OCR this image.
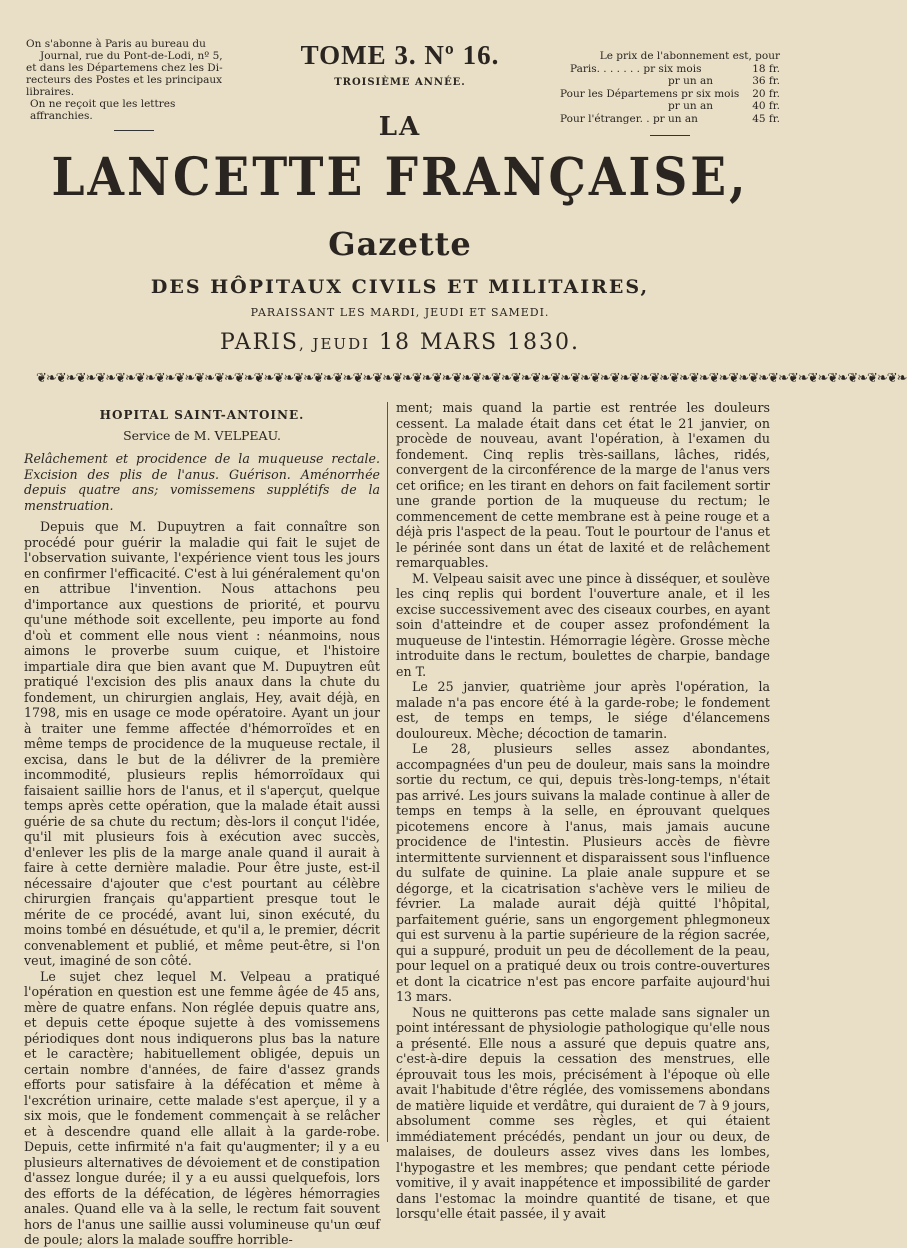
On s'abonne à Paris au bureau du

Journal, rue du Pont-de-Lodi, nº 5,

et dans les Départemens chez les Di-

recteurs des Postes et les principaux

libraires.

On ne reçoit que les lettres affranchies.

TOME 3. Nº 16.
TROISIÈME ANNÉE.
Le prix de l'abonnement est, pour
Paris. . . . . . . pr six mois	18 fr.
pr un an	36 fr.
Pour les Départemens pr six mois 20 fr.
pr un an	40 fr.
Pour l'étranger. . pr un an	45 fr.
LA
LANCETTE FRANÇAISE,
Gazette
DES HÔPITAUX CIVILS ET MILITAIRES,
PARAISSANT LES MARDI, JEUDI ET SAMEDI.
PARIS, JEUDI 18 MARS 1830.
❦❧❦❧❦❧❦❧❦❧❦❧❦❧❦❧❦❧❦❧❦❧❦❧❦❧❦❧❦❧❦❧❦❧❦❧❦❧❦❧❦❧❦❧❦❧❦❧❦❧❦❧❦❧❦❧❦❧❦❧❦❧❦❧❦❧❦❧❦❧❦❧❦❧❦❧❦❧❦❧❦❧❦❧❦❧❦❧
HOPITAL SAINT-ANTOINE.
Service de M. VELPEAU.

Relâchement et procidence de la muqueuse rectale. Excision des plis de l'anus. Guérison. Aménorrhée depuis quatre ans; vomissemens supplétifs de la menstruation.

Depuis que M. Dupuytren a fait connaître son procédé pour guérir la maladie qui fait le sujet de l'observation suivante, l'expérience vient tous les jours en confirmer l'efficacité. C'est à lui généralement qu'on en attribue l'invention. Nous attachons peu d'importance aux questions de priorité, et pourvu qu'une méthode soit excellente, peu importe au fond d'où et comment elle nous vient : néanmoins, nous aimons le proverbe suum cuique, et l'histoire impartiale dira que bien avant que M. Dupuytren eût pratiqué l'excision des plis anaux dans la chute du fondement, un chirurgien anglais, Hey, avait déjà, en 1798, mis en usage ce mode opératoire. Ayant un jour à traiter une femme affectée d'hémorroïdes et en même temps de procidence de la muqueuse rectale, il excisa, dans le but de la délivrer de la première incommodité, plusieurs replis hémorroïdaux qui faisaient saillie hors de l'anus, et il s'aperçut, quelque temps après cette opération, que la malade était aussi guérie de sa chute du rectum; dès-lors il conçut l'idée, qu'il mit plusieurs fois à exécution avec succès, d'enlever les plis de la marge anale quand il aurait à faire à cette dernière maladie. Pour être juste, est-il nécessaire d'ajouter que c'est pourtant au célèbre chirurgien français qu'appartient presque tout le mérite de ce procédé, avant lui, sinon exécuté, du moins tombé en désuétude, et qu'il a, le premier, décrit convenablement et publié, et même peut-être, si l'on veut, imaginé de son côté.

Le sujet chez lequel M. Velpeau a pratiqué l'opération en question est une femme âgée de 45 ans, mère de quatre enfans. Non réglée depuis quatre ans, et depuis cette époque sujette à des vomissemens périodiques dont nous indiquerons plus bas la nature et le caractère; habituellement obligée, depuis un certain nombre d'années, de faire d'assez grands efforts pour satisfaire à la défécation et même à l'excrétion urinaire, cette malade s'est aperçue, il y a six mois, que le fondement commençait à se relâcher et à descendre quand elle allait à la garde-robe. Depuis, cette infirmité n'a fait qu'augmenter; il y a eu plusieurs alternatives de dévoiement et de constipation d'assez longue durée; il y a eu aussi quelquefois, lors des efforts de la défécation, de légères hémorragies anales. Quand elle va à la selle, le rectum fait souvent hors de l'anus une saillie aussi volumineuse qu'un œuf de poule; alors la malade souffre horrible-

ment; mais quand la partie est rentrée les douleurs cessent. La malade était dans cet état le 21 janvier, on procède de nouveau, avant l'opération, à l'examen du fondement. Cinq replis très-saillans, lâches, ridés, convergent de la circonférence de la marge de l'anus vers cet orifice; en les tirant en dehors on fait facilement sortir une grande portion de la muqueuse du rectum; le commencement de cette membrane est à peine rouge et a déjà pris l'aspect de la peau. Tout le pourtour de l'anus et le périnée sont dans un état de laxité et de relâchement remarquables.

M. Velpeau saisit avec une pince à disséquer, et soulève les cinq replis qui bordent l'ouverture anale, et il les excise successivement avec des ciseaux courbes, en ayant soin d'atteindre et de couper assez profondément la muqueuse de l'intestin. Hémorragie légère. Grosse mèche introduite dans le rectum, boulettes de charpie, bandage en T.

Le 25 janvier, quatrième jour après l'opération, la malade n'a pas encore été à la garde-robe; le fondement est, de temps en temps, le siége d'élancemens douloureux. Mèche; décoction de tamarin.

Le 28, plusieurs selles assez abondantes, accompagnées d'un peu de douleur, mais sans la moindre sortie du rectum, ce qui, depuis très-long-temps, n'était pas arrivé. Les jours suivans la malade continue à aller de temps en temps à la selle, en éprouvant quelques picotemens encore à l'anus, mais jamais aucune procidence de l'intestin. Plusieurs accès de fièvre intermittente surviennent et disparaissent sous l'influence du sulfate de quinine. La plaie anale suppure et se dégorge, et la cicatrisation s'achève vers le milieu de février. La malade aurait déjà quitté l'hôpital, parfaitement guérie, sans un engorgement phlegmoneux qui est survenu à la partie supérieure de la région sacrée, qui a suppuré, produit un peu de décollement de la peau, pour lequel on a pratiqué deux ou trois contre-ouvertures et dont la cicatrice n'est pas encore parfaite aujourd'hui 13 mars.

Nous ne quitterons pas cette malade sans signaler un point intéressant de physiologie pathologique qu'elle nous a présenté. Elle nous a assuré que depuis quatre ans, c'est-à-dire depuis la cessation des menstrues, elle éprouvait tous les mois, précisément à l'époque où elle avait l'habitude d'être réglée, des vomissemens abondans de matière liquide et verdâtre, qui duraient de 7 à 9 jours, absolument comme ses règles, et qui étaient immédiatement précédés, pendant un jour ou deux, de malaises, de douleurs assez vives dans les lombes, l'hypogastre et les membres; que pendant cette période vomitive, il y avait inappétence et impossibilité de garder dans l'estomac la moindre quantité de tisane, et que lorsqu'elle était passée, il y avait
